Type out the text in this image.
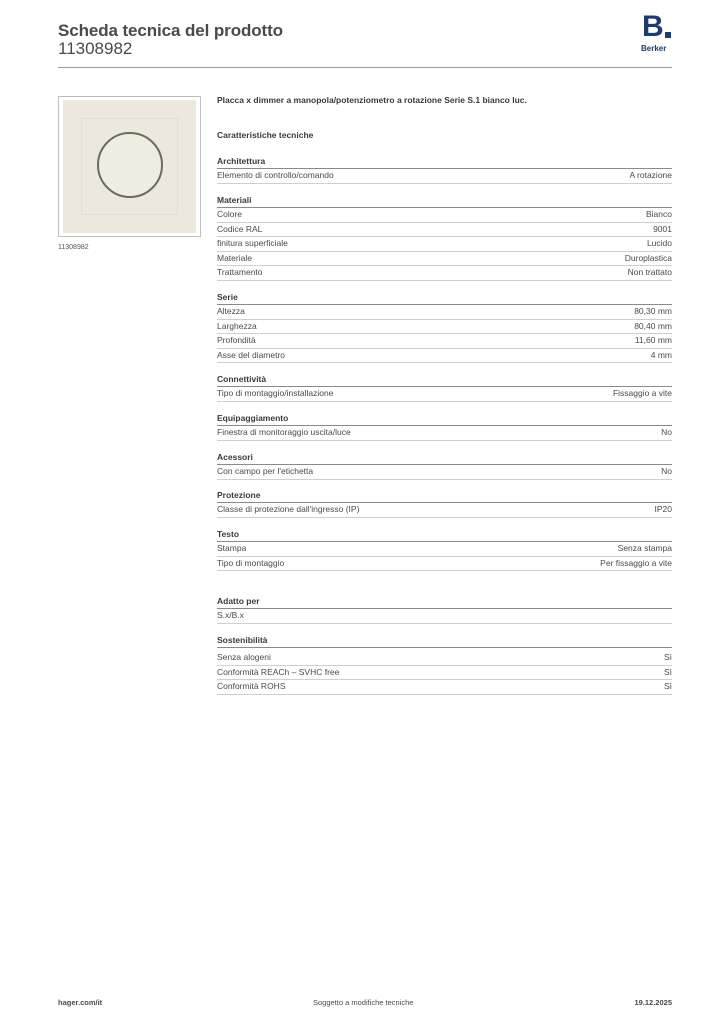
Scheda tecnica del prodotto
11308982
B
Berker
11308982
Placca x dimmer a manopola/potenziometro a rotazione Serie S.1 bianco luc.
Caratteristiche tecniche
Architettura
Elemento di controllo/comando	A rotazione
Materiali
Colore	Bianco
Codice RAL	9001
finitura superficiale	Lucido
Materiale	Duroplastica
Trattamento	Non trattato
Serie
Altezza	80,30 mm
Larghezza	80,40 mm
Profondità	11,60 mm
Asse del diametro	4 mm
Connettività
Tipo di montaggio/installazione	Fissaggio a vite
Equipaggiamento
Finestra di monitoraggio uscita/luce	No
Acessori
Con campo per l'etichetta	No
Protezione
Classe di protezione dall'ingresso (IP)	IP20
Testo
Stampa	Senza stampa
Tipo di montaggio	Per fissaggio a vite
Adatto per
S.x/B.x
Sostenibilità
Senza alogeni	Sì
Conformità REACh – SVHC free	Sì
Conformità ROHS	Sì
hager.com/it	Soggetto a modifiche tecniche	19.12.2025
